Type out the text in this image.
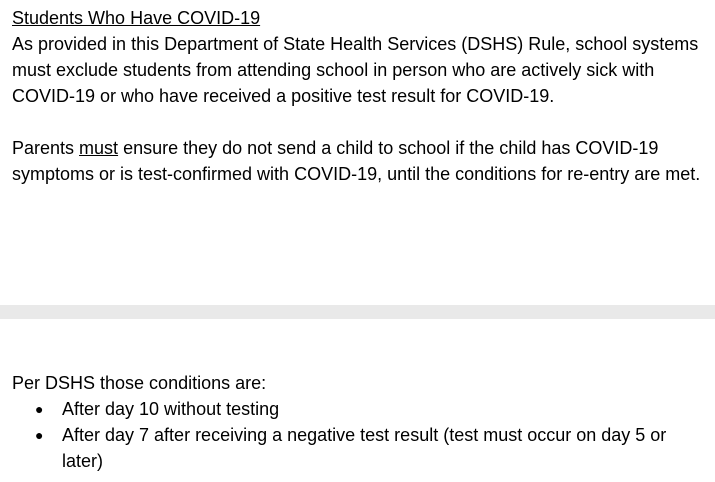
Students Who Have COVID-19

As provided in this Department of State Health Services (DSHS) Rule, school systems must exclude students from attending school in person who are actively sick with COVID-19 or who have received a positive test result for COVID-19.

Parents must ensure they do not send a child to school if the child has COVID-19 symptoms or is test-confirmed with COVID-19, until the conditions for re-entry are met.

Per DSHS those conditions are:

● After day 10 without testing
● After day 7 after receiving a negative test result (test must occur on day 5 or later)
